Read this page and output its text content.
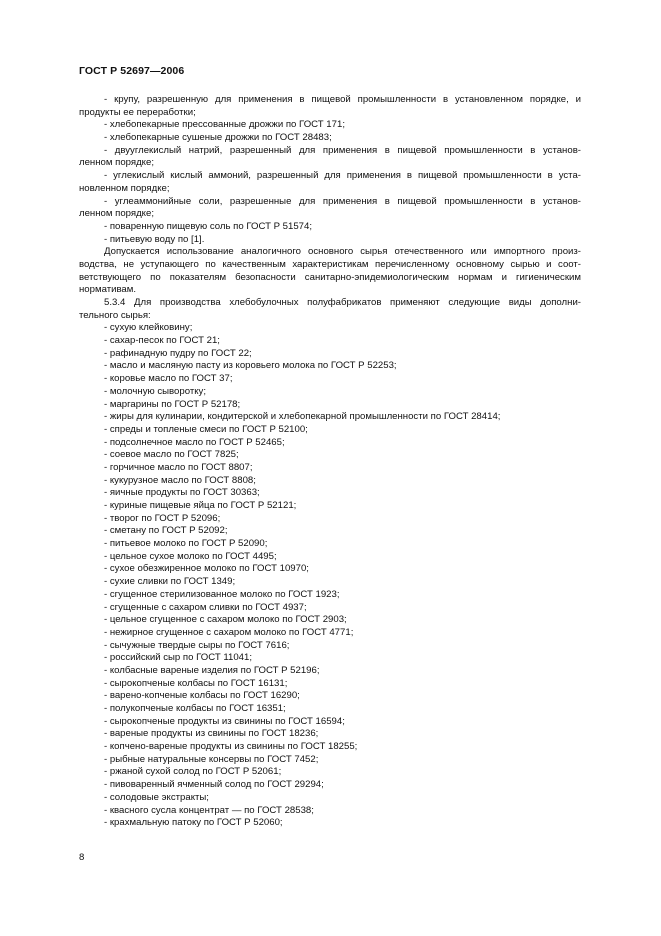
ГОСТ Р 52697—2006
- крупу, разрешенную для применения в пищевой промышленности в установленном порядке, и
продукты ее переработки;
- хлебопекарные прессованные дрожжи по ГОСТ 171;
- хлебопекарные сушеные дрожжи по ГОСТ 28483;
- двууглекислый натрий, разрешенный для применения в пищевой промышленности в установ-
ленном порядке;
- углекислый кислый аммоний, разрешенный для применения в пищевой промышленности в уста-
новленном порядке;
- углеаммонийные соли, разрешенные для применения в пищевой промышленности в установ-
ленном порядке;
- поваренную пищевую соль по ГОСТ Р 51574;
- питьевую воду по [1].
Допускается использование аналогичного основного сырья отечественного или импортного произ-
водства, не уступающего по качественным характеристикам перечисленному основному сырью и соот-
ветствующего по показателям безопасности санитарно-эпидемиологическим нормам и гигиеническим
нормативам.
5.3.4 Для производства хлебобулочных полуфабрикатов применяют следующие виды дополни-
тельного сырья:
- сухую клейковину;
- сахар-песок по ГОСТ 21;
- рафинадную пудру по ГОСТ 22;
- масло и масляную пасту из коровьего молока по ГОСТ Р 52253;
- коровье масло по ГОСТ 37;
- молочную сыворотку;
- маргарины по ГОСТ Р 52178;
- жиры для кулинарии, кондитерской и хлебопекарной промышленности по ГОСТ 28414;
- спреды и топленые смеси по ГОСТ Р 52100;
- подсолнечное масло по ГОСТ Р 52465;
- соевое масло по ГОСТ 7825;
- горчичное масло по ГОСТ 8807;
- кукурузное масло по ГОСТ 8808;
- яичные продукты по ГОСТ 30363;
- куриные пищевые яйца по ГОСТ Р 52121;
- творог по ГОСТ Р 52096;
- сметану по ГОСТ Р 52092;
- питьевое молоко по ГОСТ Р 52090;
- цельное сухое молоко по ГОСТ 4495;
- сухое обезжиренное молоко по ГОСТ 10970;
- сухие сливки по ГОСТ 1349;
- сгущенное стерилизованное молоко по ГОСТ 1923;
- сгущенные с сахаром сливки по ГОСТ 4937;
- цельное сгущенное с сахаром молоко по ГОСТ 2903;
- нежирное сгущенное с сахаром молоко по ГОСТ 4771;
- сычужные твердые сыры по ГОСТ 7616;
- российский сыр по ГОСТ 11041;
- колбасные вареные изделия по ГОСТ Р 52196;
- сырокопченые колбасы по ГОСТ 16131;
- варено-копченые колбасы по ГОСТ 16290;
- полукопченые колбасы по ГОСТ 16351;
- сырокопченые продукты из свинины по ГОСТ 16594;
- вареные продукты из свинины по ГОСТ 18236;
- копчено-вареные продукты из свинины по ГОСТ 18255;
- рыбные натуральные консервы по ГОСТ 7452;
- ржаной сухой солод по ГОСТ Р 52061;
- пивоваренный ячменный солод по ГОСТ 29294;
- солодовые экстракты;
- квасного сусла концентрат — по ГОСТ 28538;
- крахмальную патоку по ГОСТ Р 52060;
8
